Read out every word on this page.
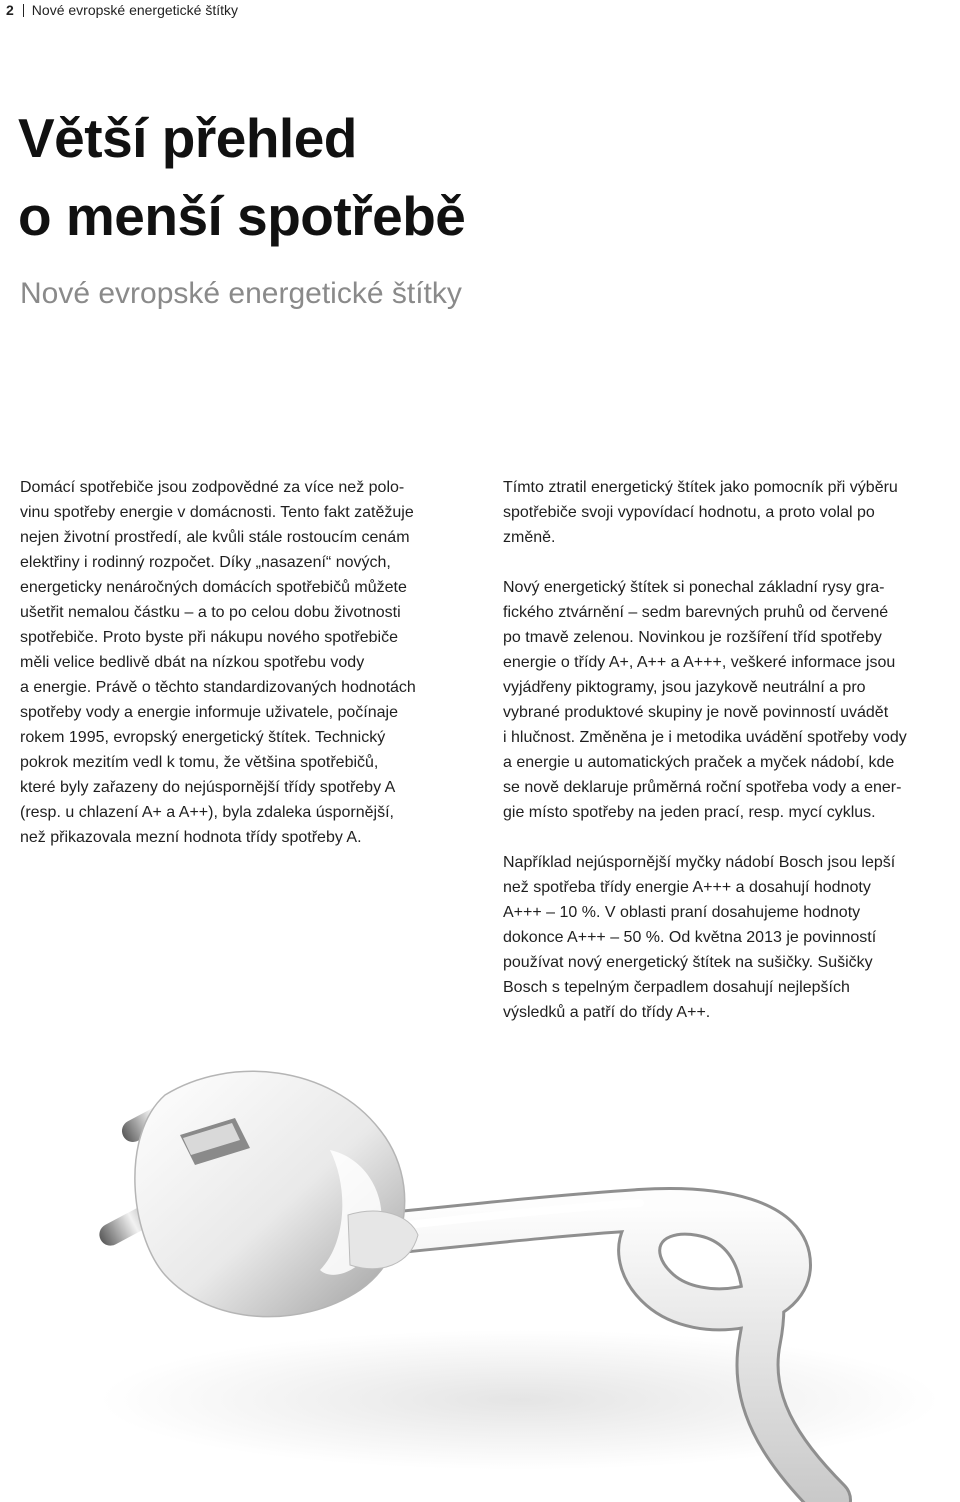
2 Nové evropské energetické štítky
Větší přehled
o menší spotřebě
Nové evropské energetické štítky

Domácí spotřebiče jsou zodpovědné za více než polo-
vinu spotřeby energie v domácnosti. Tento fakt zatěžuje
nejen životní prostředí, ale kvůli stále rostoucím cenám
elektřiny i rodinný rozpočet. Díky „nasazení“ nových,
energeticky nenáročných domácích spotřebičů můžete
ušetřit nemalou částku – a to po celou dobu životnosti
spotřebiče. Proto byste při nákupu nového spotřebiče
měli velice bedlivě dbát na nízkou spotřebu vody
a energie. Právě o těchto standardizovaných hodnotách
spotřeby vody a energie informuje uživatele, počínaje
rokem 1995, evropský energetický štítek. Technický
pokrok mezitím vedl k tomu, že většina spotřebičů,
které byly zařazeny do nejúspornější třídy spotřeby A
(resp. u chlazení A+ a A++), byla zdaleka úspornější,
než přikazovala mezní hodnota třídy spotřeby A.

Tímto ztratil energetický štítek jako pomocník při výběru
spotřebiče svoji vypovídací hodnotu, a proto volal po
změně.

Nový energetický štítek si ponechal základní rysy gra-
fického ztvárnění – sedm barevných pruhů od červené
po tmavě zelenou. Novinkou je rozšíření tříd spotřeby
energie o třídy A+, A++ a A+++, veškeré informace jsou
vyjádřeny piktogramy, jsou jazykově neutrální a pro
vybrané produktové skupiny je nově povinností uvádět
i hlučnost. Změněna je i metodika uvádění spotřeby vody
a energie u automatických praček a myček nádobí, kde
se nově deklaruje průměrná roční spotřeba vody a ener-
gie místo spotřeby na jeden prací, resp. mycí cyklus.

Například nejúspornější myčky nádobí Bosch jsou lepší
než spotřeba třídy energie A+++ a dosahují hodnoty
A+++ – 10 %. V oblasti praní dosahujeme hodnoty
dokonce A+++ – 50 %. Od května 2013 je povinností
používat nový energetický štítek na sušičky. Sušičky
Bosch s tepelným čerpadlem dosahují nejlepších
výsledků a patří do třídy A++.
